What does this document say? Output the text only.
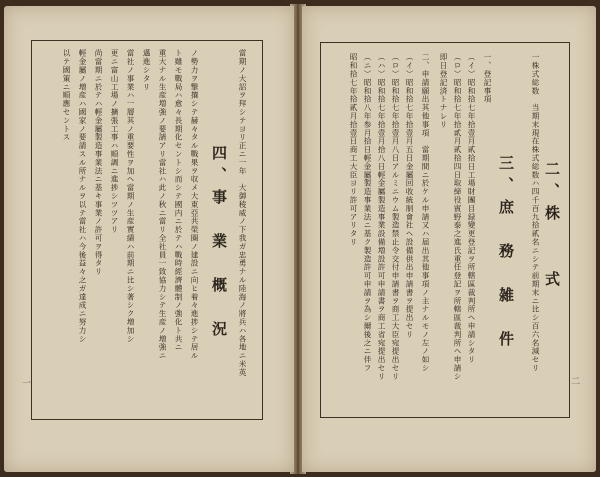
四、事　業　概　況 當期ノ大詔ヲ拜シテヨリ正ニ一年　大御稜威ノ下我ガ忠勇ナル陸海ノ將兵ハ各地ニ米英
ノ勢力ヲ撃攘シテ赫々タル戰果ヲ収メ大東亞共榮圈ノ建設ニ向ヒ着々進捗シテ居ル
ト雖モ戰局ハ愈々長期化セントシ而シテ國内ニ於テハ戰時經濟體制ノ強化ト共ニ
重大ナル生産増強ノ要請アリ當社ハ此ノ秋ニ當リ全社員一致協力シテ生産ノ増強ニ
邁進シタリ
當社ノ事業ハ一層其ノ重要性ヲ加ヘ當期ノ生産實績ハ前期ニ比シ著シク増加シ
更ニ富山工場ノ擴張工事ハ順調ニ進捗シツツアリ
尚當期ニ於テハ輕金屬製造事業法ニ基キ事業ノ許可ヲ得タリ
輕金屬ノ増産ハ國家ノ要請スル所ナルヲ以テ當社ハ今後益々之ガ達成ニ努力シ
以テ國策ニ順應セントス
一
二、株　　式
一株式総数　当期末現在株式総数ハ四千百九拾貳名ニシテ前期末ニ比シ百六名減セリ
三、庶　務　雑　件
一、登記事項
（イ）昭和拾七年拾壹月貳拾日工場財團目録變更登記ヲ所轄區裁判所ヘ申請シタリ
（ロ）昭和拾七年拾貳月貳拾四日取締役賓野泰之進氏重任登記ヲ所轄區裁判所ヘ申請シ
即日登記済トナレリ
二、申請願出其他事項　當期間ニ於ケル申請又ハ届出其他事項ノ主ナルモノ左ノ如シ
（イ）昭和拾七年拾壹月五日金屬回收統制會社ヘ設備供出申請書ヲ提出セリ
（ロ）昭和拾七年拾壹月八日アルミニウム製造禁止令交付申請書ヲ商工大臣宛提出セリ
（ハ）昭和拾七年拾壹月拾八日輕金屬製造事業設備増設許可申請書ヲ商工省宛提出セリ
（ニ）昭和拾八年参月拾日輕金屬製造事業法ニ基ク製造許可申請ヲ為シ爾後之ニ伴フ
昭和拾七年拾貳月拾壹日商工大臣ヨリ許可アリタリ
二
